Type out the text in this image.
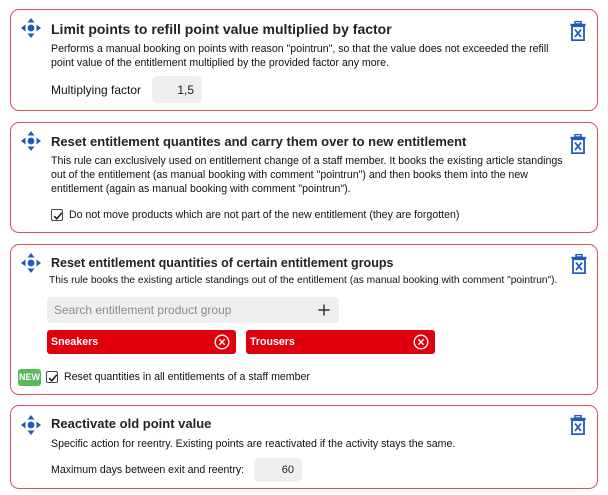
Limit points to refill point value multiplied by factor
Performs a manual booking on points with reason "pointrun", so that the value does not exceeded the refill point value of the entitlement multiplied by the provided factor any more.
Multiplying factor
1,5
Reset entitlement quantites and carry them over to new entitlement
This rule can exclusively used on entitlement change of a staff member. It books the existing article standings out of the entitlement (as manual booking with comment "pointrun") and then books them into the new entitlement (again as manual booking with comment "pointrun").
Do not move products which are not part of the new entitlement (they are forgotten)
Reset entitlement quantities of certain entitlement groups
This rule books the existing article standings out of the entitlement (as manual booking with comment "pointrun").
Search entitlement product group
Sneakers	Trousers
NEW Reset quantities in all entitlements of a staff member
Reactivate old point value
Specific action for reentry. Existing points are reactivated if the activity stays the same.
Maximum days between exit and reentry:
60
